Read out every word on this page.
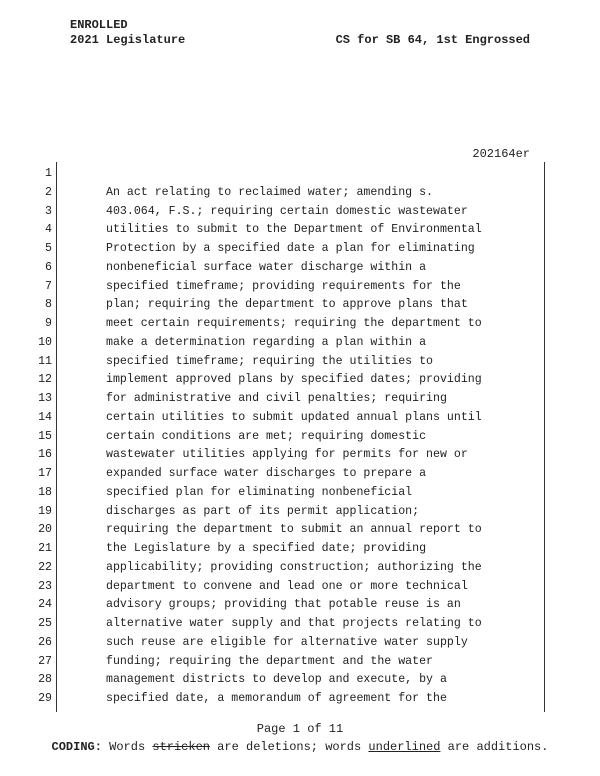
ENROLLED
2021 Legislature	CS for SB 64, 1st Engrossed
202164er
1
2	An act relating to reclaimed water; amending s.
3	403.064, F.S.; requiring certain domestic wastewater
4	utilities to submit to the Department of Environmental
5	Protection by a specified date a plan for eliminating
6	nonbeneficial surface water discharge within a
7	specified timeframe; providing requirements for the
8	plan; requiring the department to approve plans that
9	meet certain requirements; requiring the department to
10	make a determination regarding a plan within a
11	specified timeframe; requiring the utilities to
12	implement approved plans by specified dates; providing
13	for administrative and civil penalties; requiring
14	certain utilities to submit updated annual plans until
15	certain conditions are met; requiring domestic
16	wastewater utilities applying for permits for new or
17	expanded surface water discharges to prepare a
18	specified plan for eliminating nonbeneficial
19	discharges as part of its permit application;
20	requiring the department to submit an annual report to
21	the Legislature by a specified date; providing
22	applicability; providing construction; authorizing the
23	department to convene and lead one or more technical
24	advisory groups; providing that potable reuse is an
25	alternative water supply and that projects relating to
26	such reuse are eligible for alternative water supply
27	funding; requiring the department and the water
28	management districts to develop and execute, by a
29	specified date, a memorandum of agreement for the
Page 1 of 11
CODING: Words stricken are deletions; words underlined are additions.
